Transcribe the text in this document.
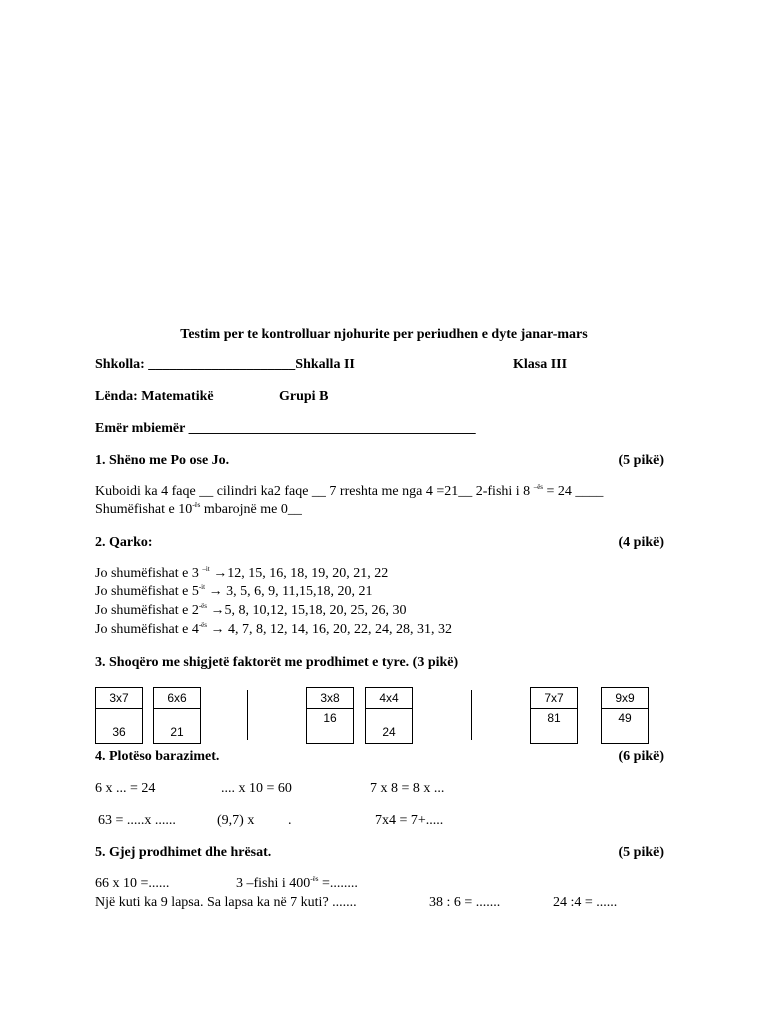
Testim per te kontrolluar njohurite per periudhen e dyte janar-mars
Shkolla: _____________________Shkalla II	Klasa III
Lënda: Matematikë	Grupi B
Emër mbiemër _________________________________________
1. Shëno me Po ose Jo.	(5 pikë)
Kuboidi ka 4 faqe __ cilindri ka2 faqe __ 7 rreshta me nga 4 =21__ 2-fishi i 8 $^{-ës}$ = 24 ____
Shumëfishat e $10^{-ës}$ mbarojnë me 0__
2. Qarko:	(4 pikë)
Jo shumëfishat e 3 $^{-it}$ →12, 15, 16, 18, 19, 20, 21, 22
Jo shumëfishat e $5^{-it} \to 3$, 5, 6, 9, 11,15,18, 20, 21
Jo shumëfishat e $2^{-ës} \to 5$, 8, 10,12, 15,18, 20, 25, 26, 30
Jo shumëfishat e $4^{-ës} \to 4$, 7, 8, 12, 14, 16, 20, 22, 24, 28, 31, 32
3. Shoqëro me shigjetë faktorët me prodhimet e tyre. (3 pikë)
3x7
36
6x6
21
3x8
16
4x4
24
7x7
81
9x9
49
4. Plotëso barazimet.	(6 pikë)
6 x ... = 24	.... x 10 = 60	7 x 8 = 8 x ...
63 = .....x ......	(9,7) x .	7x4 = 7+.....
5. Gjej prodhimet dhe hrësat.	(5 pikë)
66 x 10 =......	3 –fishi i $400^{-ës}$ =........
Një kuti ka 9 lapsa. Sa lapsa ka në 7 kuti? .......	38 : 6 = .......	24 :4 = ......
